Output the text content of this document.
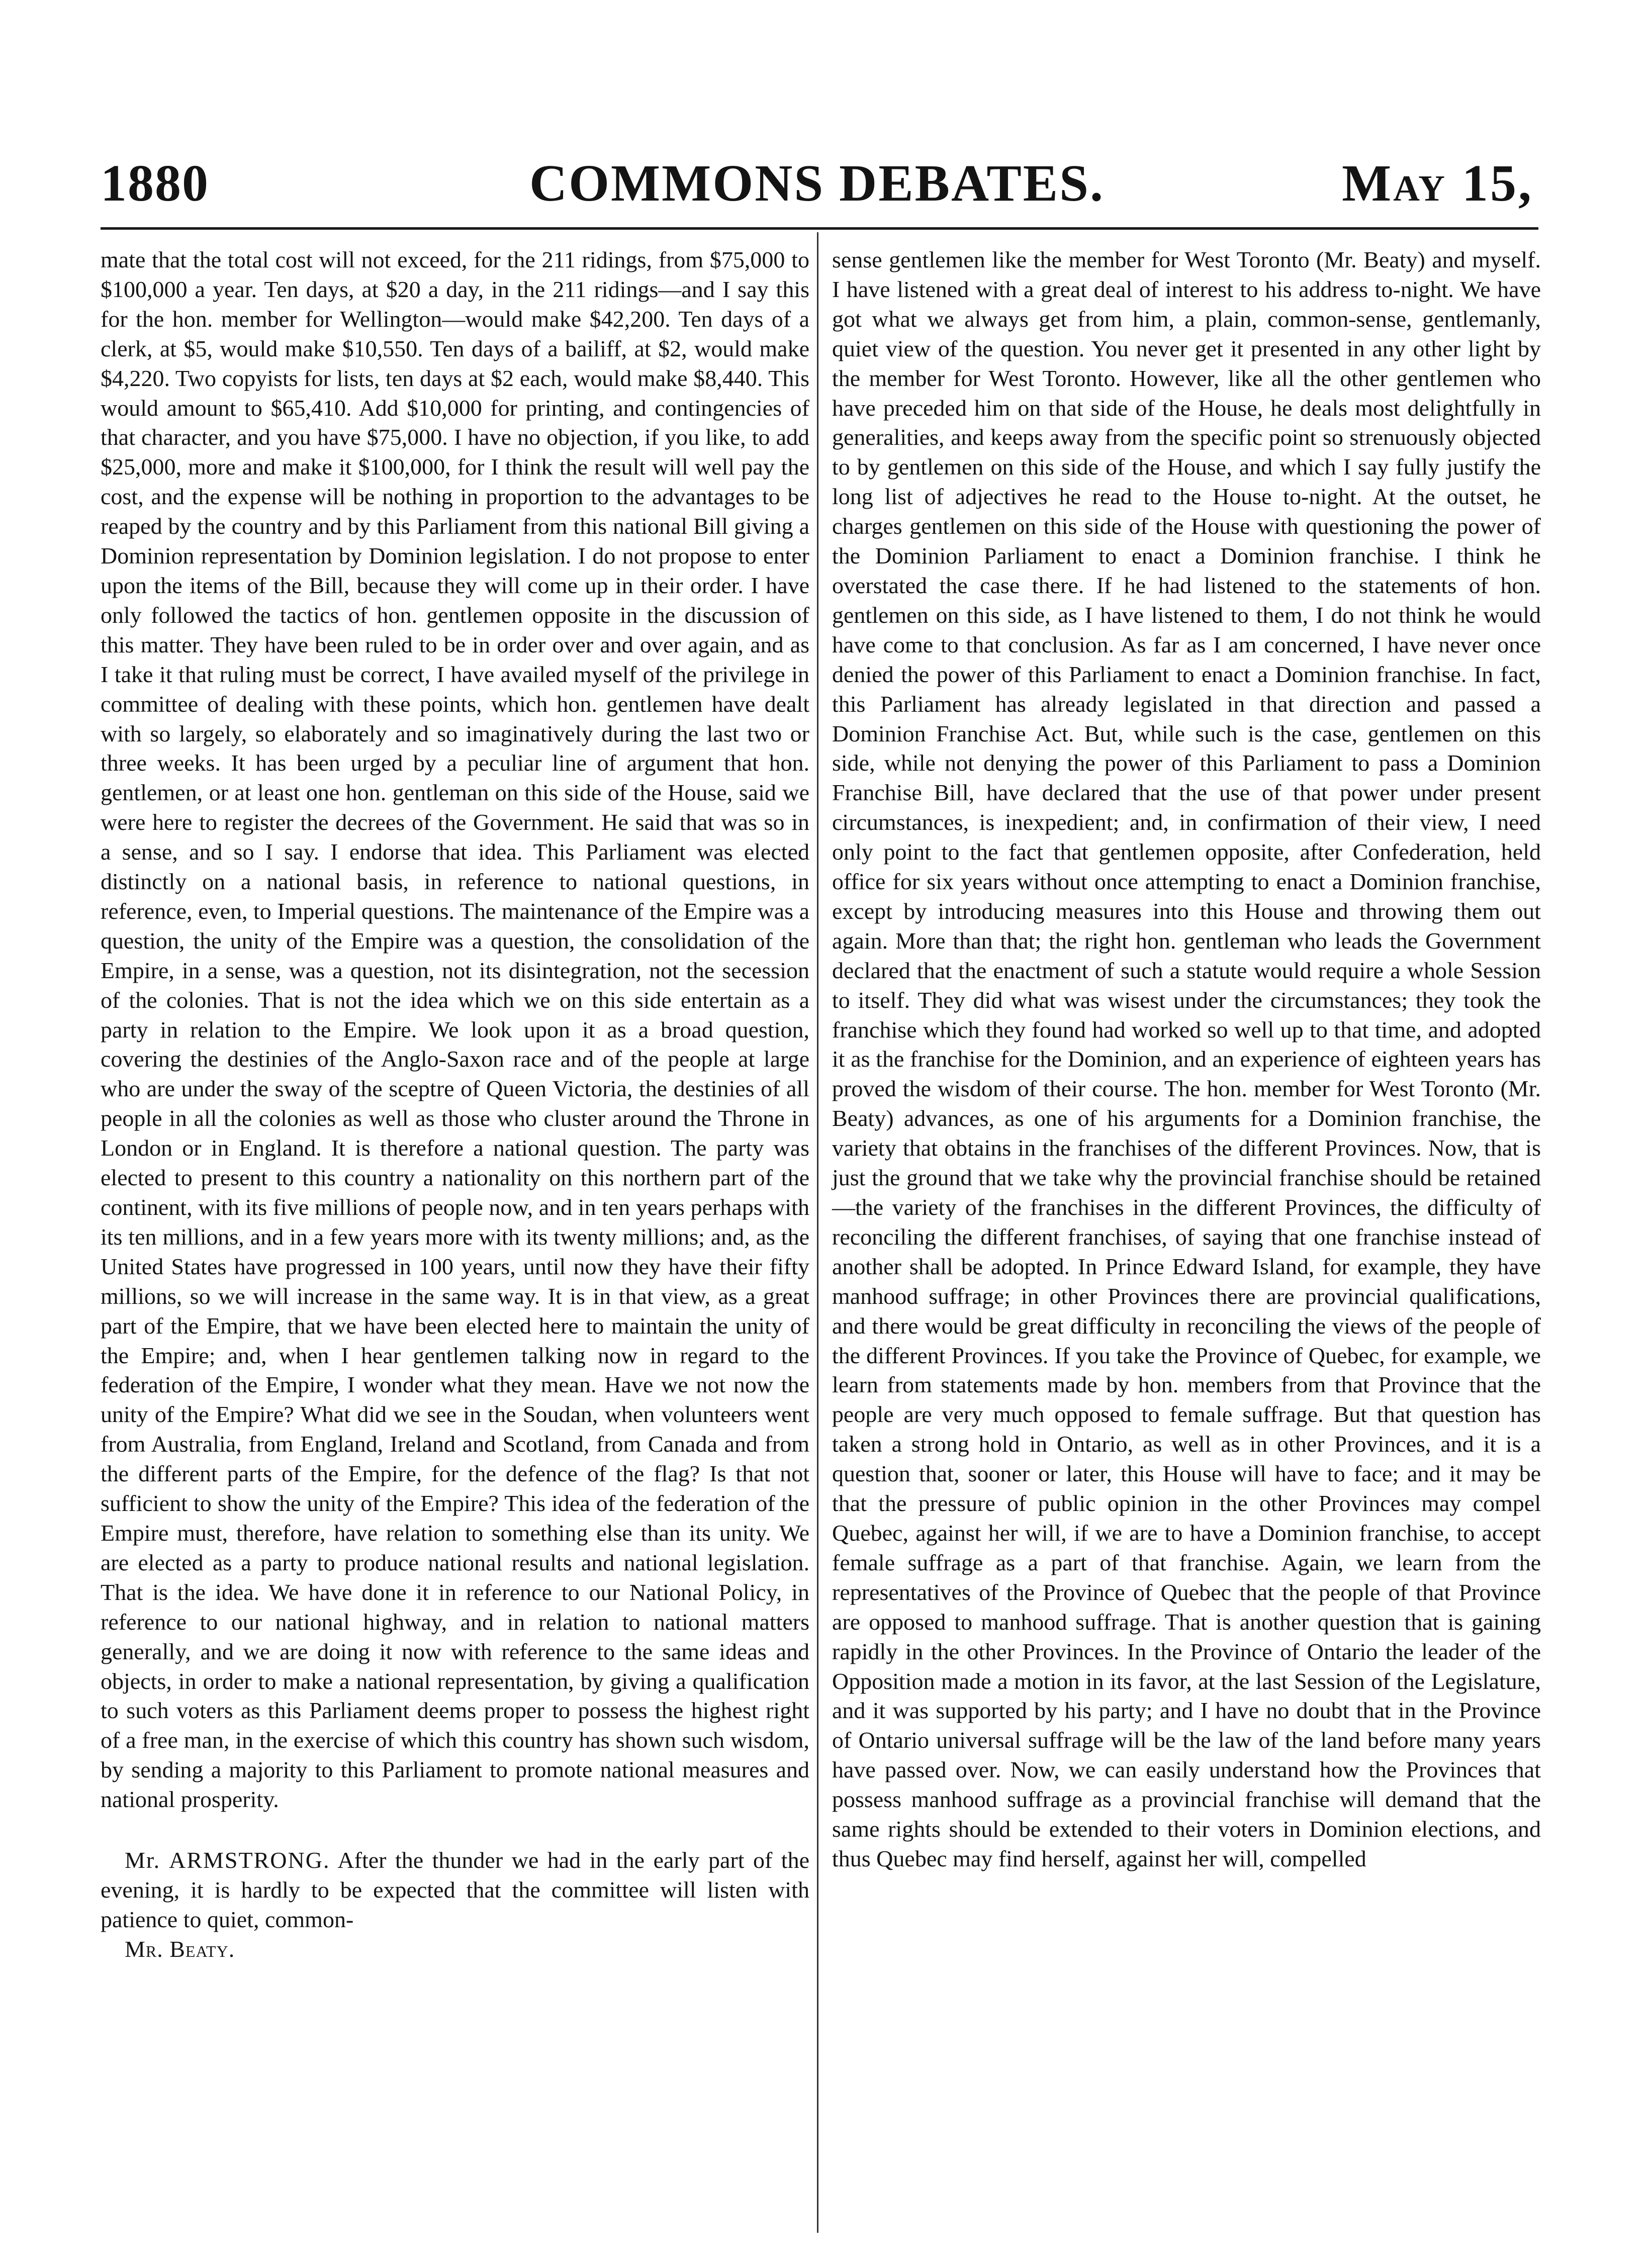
1880	COMMONS DEBATES.	May 15,

mate that the total cost will not exceed, for the 211 ridings, from $75,000 to $100,000 a year. Ten days, at $20 a day, in the 211 ridings—and I say this for the hon. member for Wellington—would make $42,200. Ten days of a clerk, at $5, would make $10,550. Ten days of a bailiff, at $2, would make $4,220. Two copyists for lists, ten days at $2 each, would make $8,440. This would amount to $65,410. Add $10,000 for printing, and contingencies of that character, and you have $75,000. I have no objection, if you like, to add $25,000, more and make it $100,000, for I think the result will well pay the cost, and the expense will be nothing in proportion to the advantages to be reaped by the country and by this Parliament from this national Bill giving a Dominion representation by Dominion legislation. I do not propose to enter upon the items of the Bill, because they will come up in their order. I have only followed the tactics of hon. gentlemen opposite in the discussion of this matter. They have been ruled to be in order over and over again, and as I take it that ruling must be correct, I have availed myself of the privilege in committee of dealing with these points, which hon. gentlemen have dealt with so largely, so elaborately and so imaginatively during the last two or three weeks. It has been urged by a peculiar line of argument that hon. gentlemen, or at least one hon. gentleman on this side of the House, said we were here to register the decrees of the Government. He said that was so in a sense, and so I say. I endorse that idea. This Parliament was elected distinctly on a national basis, in reference to national questions, in reference, even, to Imperial questions. The maintenance of the Empire was a question, the unity of the Empire was a question, the consolidation of the Empire, in a sense, was a question, not its disintegration, not the secession of the colonies. That is not the idea which we on this side entertain as a party in relation to the Empire. We look upon it as a broad question, covering the destinies of the Anglo-Saxon race and of the people at large who are under the sway of the sceptre of Queen Victoria, the destinies of all people in all the colonies as well as those who cluster around the Throne in London or in England. It is therefore a national question. The party was elected to present to this country a nationality on this northern part of the continent, with its five millions of people now, and in ten years perhaps with its ten millions, and in a few years more with its twenty millions; and, as the United States have progressed in 100 years, until now they have their fifty millions, so we will increase in the same way. It is in that view, as a great part of the Empire, that we have been elected here to maintain the unity of the Empire; and, when I hear gentlemen talking now in regard to the federation of the Empire, I wonder what they mean. Have we not now the unity of the Empire? What did we see in the Soudan, when volunteers went from Australia, from England, Ireland and Scotland, from Canada and from the different parts of the Empire, for the defence of the flag? Is that not sufficient to show the unity of the Empire? This idea of the federation of the Empire must, therefore, have relation to something else than its unity. We are elected as a party to produce national results and national legislation. That is the idea. We have done it in reference to our National Policy, in reference to our national highway, and in relation to national matters generally, and we are doing it now with reference to the same ideas and objects, in order to make a national representation, by giving a qualification to such voters as this Parliament deems proper to possess the highest right of a free man, in the exercise of which this country has shown such wisdom, by sending a majority to this Parliament to promote national measures and national prosperity.

Mr. ARMSTRONG. After the thunder we had in the early part of the evening, it is hardly to be expected that the committee will listen with patience to quiet, common-

Mr. Beaty.

sense gentlemen like the member for West Toronto (Mr. Beaty) and myself. I have listened with a great deal of interest to his address to-night. We have got what we always get from him, a plain, common-sense, gentlemanly, quiet view of the question. You never get it presented in any other light by the member for West Toronto. However, like all the other gentlemen who have preceded him on that side of the House, he deals most delightfully in generalities, and keeps away from the specific point so strenuously objected to by gentlemen on this side of the House, and which I say fully justify the long list of adjectives he read to the House to-night. At the outset, he charges gentlemen on this side of the House with questioning the power of the Dominion Parliament to enact a Dominion franchise. I think he overstated the case there. If he had listened to the statements of hon. gentlemen on this side, as I have listened to them, I do not think he would have come to that conclusion. As far as I am concerned, I have never once denied the power of this Parliament to enact a Dominion franchise. In fact, this Parliament has already legislated in that direction and passed a Dominion Franchise Act. But, while such is the case, gentlemen on this side, while not denying the power of this Parliament to pass a Dominion Franchise Bill, have declared that the use of that power under present circumstances, is inexpedient; and, in confirmation of their view, I need only point to the fact that gentlemen opposite, after Confederation, held office for six years without once attempting to enact a Dominion franchise, except by introducing measures into this House and throwing them out again. More than that; the right hon. gentleman who leads the Government declared that the enactment of such a statute would require a whole Session to itself. They did what was wisest under the circumstances; they took the franchise which they found had worked so well up to that time, and adopted it as the franchise for the Dominion, and an experience of eighteen years has proved the wisdom of their course. The hon. member for West Toronto (Mr. Beaty) advances, as one of his arguments for a Dominion franchise, the variety that obtains in the franchises of the different Provinces. Now, that is just the ground that we take why the provincial franchise should be retained—the variety of the franchises in the different Provinces, the difficulty of reconciling the different franchises, of saying that one franchise instead of another shall be adopted. In Prince Edward Island, for example, they have manhood suffrage; in other Provinces there are provincial qualifications, and there would be great difficulty in reconciling the views of the people of the different Provinces. If you take the Province of Quebec, for example, we learn from statements made by hon. members from that Province that the people are very much opposed to female suffrage. But that question has taken a strong hold in Ontario, as well as in other Provinces, and it is a question that, sooner or later, this House will have to face; and it may be that the pressure of public opinion in the other Provinces may compel Quebec, against her will, if we are to have a Dominion franchise, to accept female suffrage as a part of that franchise. Again, we learn from the representatives of the Province of Quebec that the people of that Province are opposed to manhood suffrage. That is another question that is gaining rapidly in the other Provinces. In the Province of Ontario the leader of the Opposition made a motion in its favor, at the last Session of the Legislature, and it was supported by his party; and I have no doubt that in the Province of Ontario universal suffrage will be the law of the land before many years have passed over. Now, we can easily understand how the Provinces that possess manhood suffrage as a provincial franchise will demand that the same rights should be extended to their voters in Dominion elections, and thus Quebec may find herself, against her will, compelled
